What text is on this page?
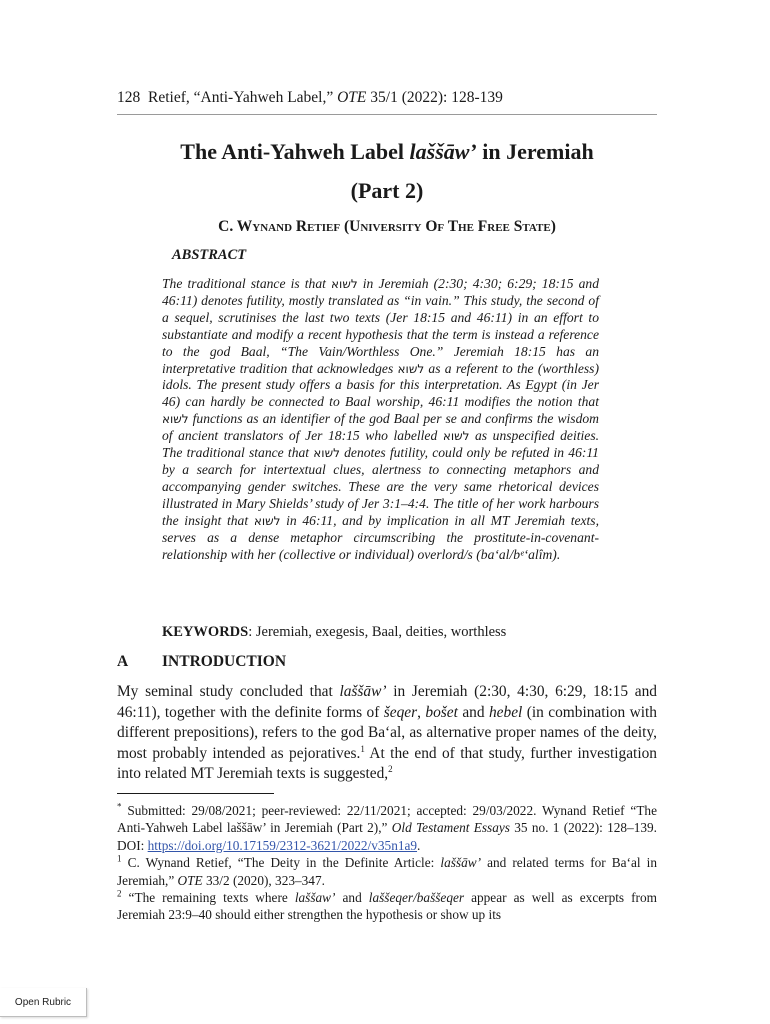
128 Retief, “Anti-Yahweh Label,” OTE 35/1 (2022): 128-139
The Anti-Yahweh Label laššāw’ in Jeremiah
(Part 2)
C. Wynand Retief (University Of The Free State)
ABSTRACT
The traditional stance is that לשוא in Jeremiah (2:30; 4:30; 6:29; 18:15 and 46:11) denotes futility, mostly translated as “in vain.” This study, the second of a sequel, scrutinises the last two texts (Jer 18:15 and 46:11) in an effort to substantiate and modify a recent hypothesis that the term is instead a reference to the god Baal, “The Vain/Worthless One.” Jeremiah 18:15 has an interpretative tradition that acknowledges לשוא as a referent to the (worthless) idols. The present study offers a basis for this interpretation. As Egypt (in Jer 46) can hardly be connected to Baal worship, 46:11 modifies the notion that לשוא functions as an identifier of the god Baal per se and confirms the wisdom of ancient translators of Jer 18:15 who labelled לשוא as unspecified deities. The traditional stance that לשוא denotes futility, could only be refuted in 46:11 by a search for intertextual clues, alertness to connecting metaphors and accompanying gender switches. These are the very same rhetorical devices illustrated in Mary Shields’ study of Jer 3:1–4:4. The title of her work harbours the insight that לשוא in 46:11, and by implication in all MT Jeremiah texts, serves as a dense metaphor circumscribing the prostitute-in-covenant-relationship with her (collective or individual) overlord/s (ba‘al/bᵉ‘alîm).
KEYWORDS: Jeremiah, exegesis, Baal, deities, worthless
A INTRODUCTION
My seminal study concluded that laššāw’ in Jeremiah (2:30, 4:30, 6:29, 18:15 and 46:11), together with the definite forms of šeqer, bošet and hebel (in combination with different prepositions), refers to the god Ba‘al, as alternative proper names of the deity, most probably intended as pejoratives.$^1$ At the end of that study, further investigation into related MT Jeremiah texts is suggested,$^2$

* Submitted: 29/08/2021; peer-reviewed: 22/11/2021; accepted: 29/03/2022. Wynand Retief “The Anti-Yahweh Label laššāw’ in Jeremiah (Part 2),” Old Testament Essays 35 no. 1 (2022): 128–139. DOI: https://doi.org/10.17159/2312-3621/2022/v35n1a9.

$^1$ C. Wynand Retief, “The Deity in the Definite Article: laššāw’ and related terms for Ba‘al in Jeremiah,” OTE 33/2 (2020), 323–347.

$^2$ “The remaining texts where laššaw’ and laššeqer/baššeqer appear as well as excerpts from Jeremiah 23:9–40 should either strengthen the hypothesis or show up its

Open Rubric
